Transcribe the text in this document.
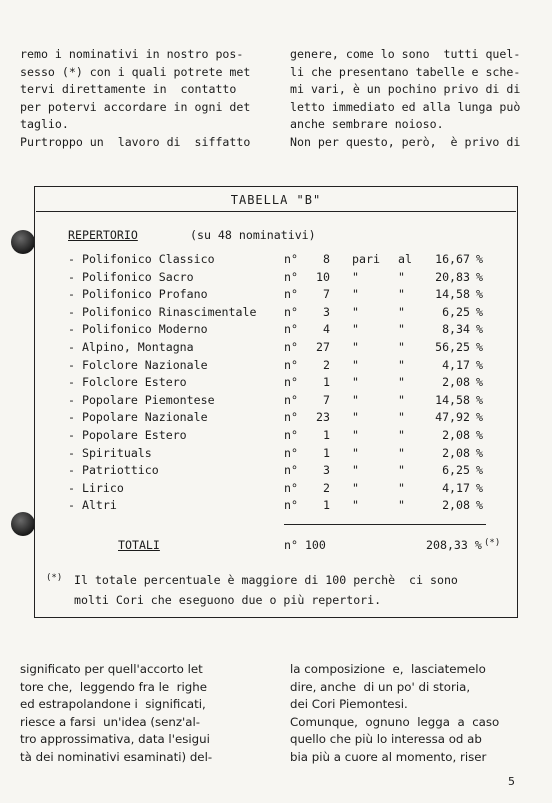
remo i nominativi in nostro pos-
sesso (*) con i quali potrete met
tervi direttamente in  contatto
per potervi accordare in ogni det
taglio.
Purtroppo un  lavoro di  siffatto
genere, come lo sono  tutti quel-
li che presentano tabelle e sche-
mi vari, è un pochino privo di di
letto immediato ed alla lunga può
anche sembrare noioso.
Non per questo, però,  è privo di
TABELLA "B"
REPERTORIO	(su 48 nominativi)
- Polifonico Classico	n°	8 pari al	16,67 %
- Polifonico Sacro	n°	10 "	"	20,83 %
- Polifonico Profano	n°	7 "	"	14,58 %
- Polifonico Rinascimentale n°	3 "	"	6,25 %
- Polifonico Moderno	n°	4 "	"	8,34 %
- Alpino, Montagna	n°	27 "	"	56,25 %
- Folclore Nazionale	n°	2 "	"	4,17 %
- Folclore Estero	n°	1 "	"	2,08 %
- Popolare Piemontese	n°	7 "	"	14,58 %
- Popolare Nazionale	n°	23 "	"	47,92 %
- Popolare Estero	n°	1 "	"	2,08 %
- Spirituals	n°	1 "	"	2,08 %
- Patriottico	n°	3 "	"	6,25 %
- Lirico	n°	2 "	"	4,17 %
- Altri	n°	1 "	"	2,08 %
TOTALI	n° 100	208,33 % (*)
(*) Il totale percentuale è maggiore di 100 perchè  ci sono
molti Cori che eseguono due o più repertori.
significato per quell'accorto let
tore che,  leggendo fra le  righe
ed estrapolandone i  significati,
riesce a farsi  un'idea (senz'al-
tro approssimativa, data l'esigui
tà dei nominativi esaminati) del-
la composizione  e,  lasciatemelo
dire, anche  di un po' di storia,
dei Cori Piemontesi.
Comunque,  ognuno  legga  a  caso
quello che più lo interessa od ab
bia più a cuore al momento, riser
5
